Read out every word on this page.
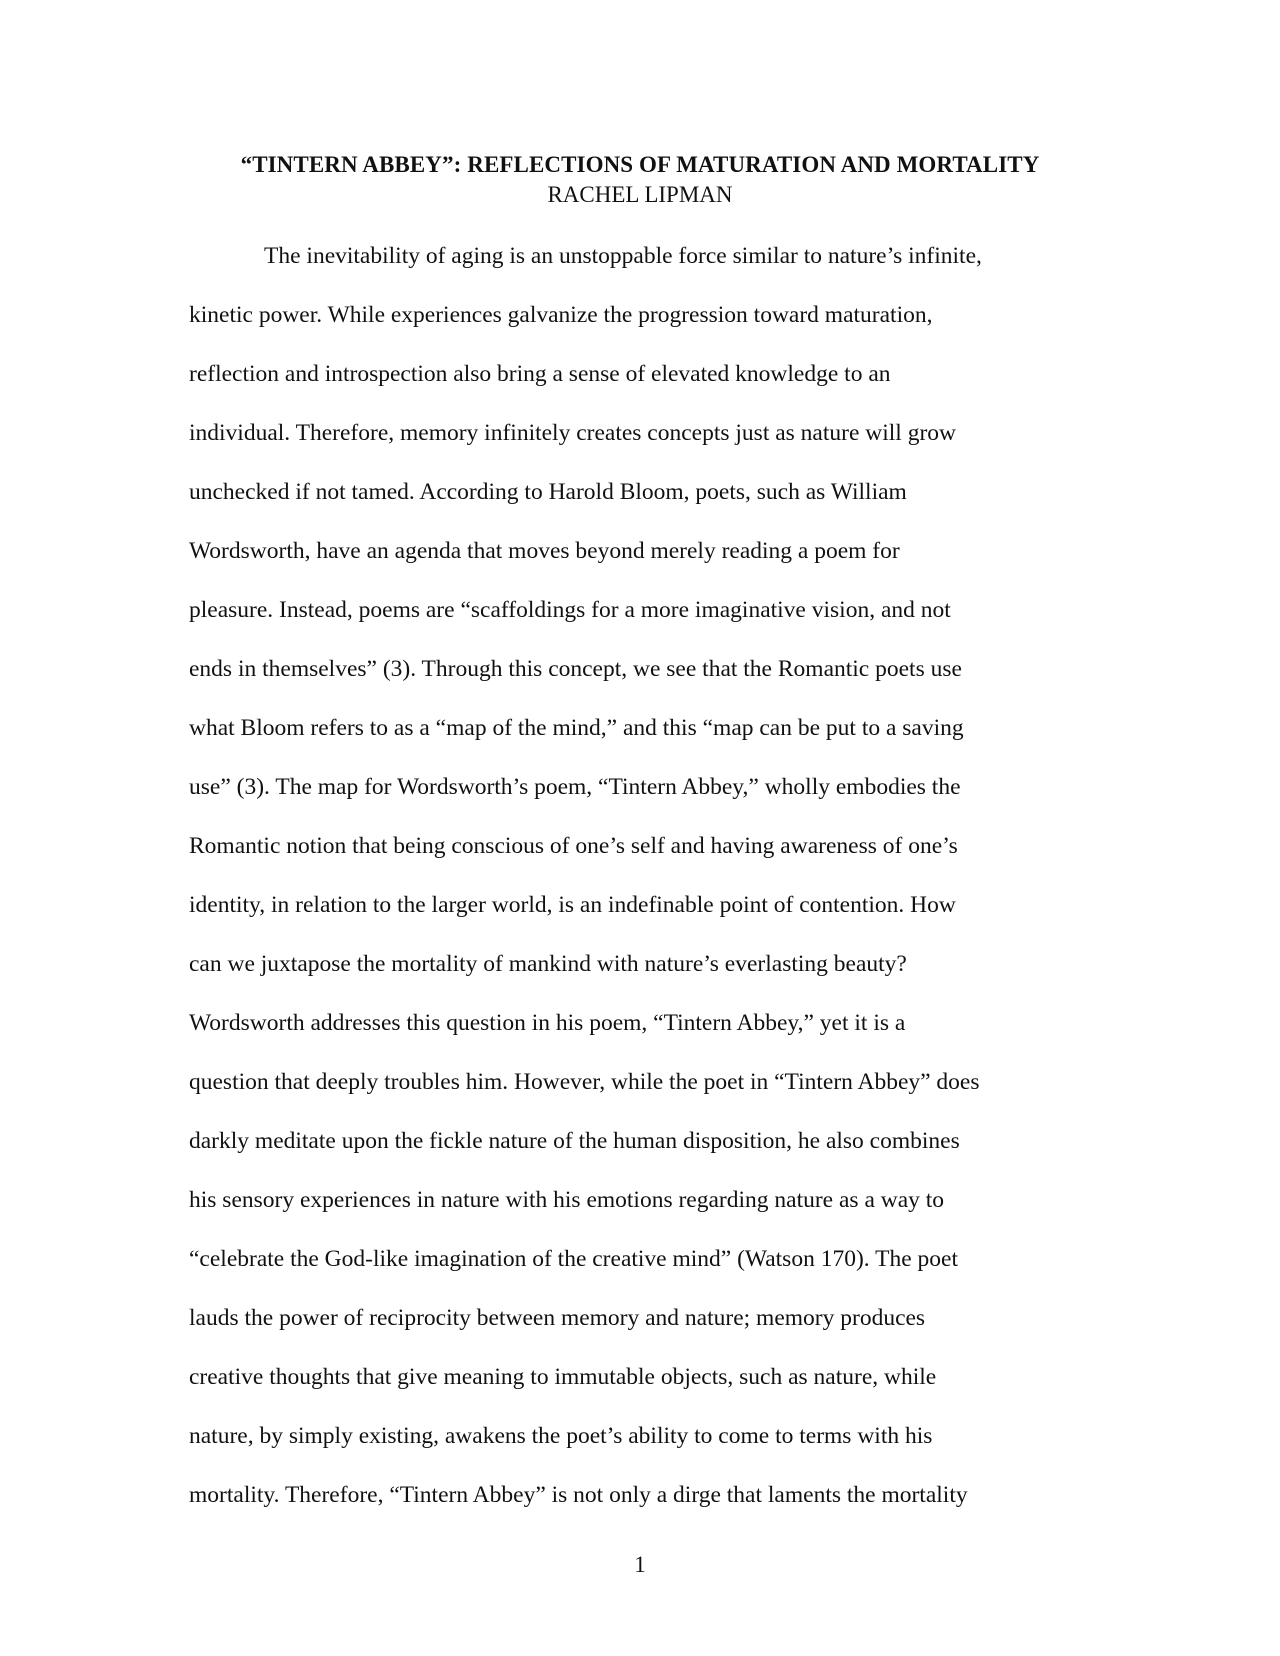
“TINTERN ABBEY”: REFLECTIONS OF MATURATION AND MORTALITY
RACHEL LIPMAN
The inevitability of aging is an unstoppable force similar to nature’s infinite,
kinetic power. While experiences galvanize the progression toward maturation,
reflection and introspection also bring a sense of elevated knowledge to an
individual. Therefore, memory infinitely creates concepts just as nature will grow
unchecked if not tamed. According to Harold Bloom, poets, such as William
Wordsworth, have an agenda that moves beyond merely reading a poem for
pleasure. Instead, poems are “scaffoldings for a more imaginative vision, and not
ends in themselves” (3). Through this concept, we see that the Romantic poets use
what Bloom refers to as a “map of the mind,” and this “map can be put to a saving
use” (3). The map for Wordsworth’s poem, “Tintern Abbey,” wholly embodies the
Romantic notion that being conscious of one’s self and having awareness of one’s
identity, in relation to the larger world, is an indefinable point of contention. How
can we juxtapose the mortality of mankind with nature’s everlasting beauty?
Wordsworth addresses this question in his poem, “Tintern Abbey,” yet it is a
question that deeply troubles him. However, while the poet in “Tintern Abbey” does
darkly meditate upon the fickle nature of the human disposition, he also combines
his sensory experiences in nature with his emotions regarding nature as a way to
“celebrate the God-like imagination of the creative mind” (Watson 170). The poet
lauds the power of reciprocity between memory and nature; memory produces
creative thoughts that give meaning to immutable objects, such as nature, while
nature, by simply existing, awakens the poet’s ability to come to terms with his
mortality. Therefore, “Tintern Abbey” is not only a dirge that laments the mortality
1
